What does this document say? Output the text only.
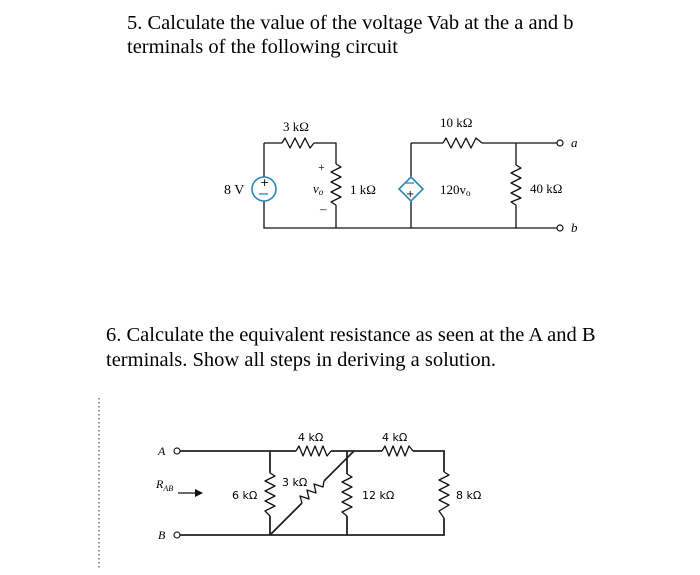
5. Calculate the value of the voltage Vab at the a and b

terminals of the following circuit

6. Calculate the equivalent resistance as seen at the A and B

terminals. Show all steps in deriving a solution.

+
+
8 V
3 kΩ
+
vo
–
1 kΩ	120vo
10 kΩ
40 kΩ
a
b
A
B
$R_{AB}$
6 kΩ
3 kΩ
4 kΩ	4 kΩ
12 kΩ	8 kΩ
